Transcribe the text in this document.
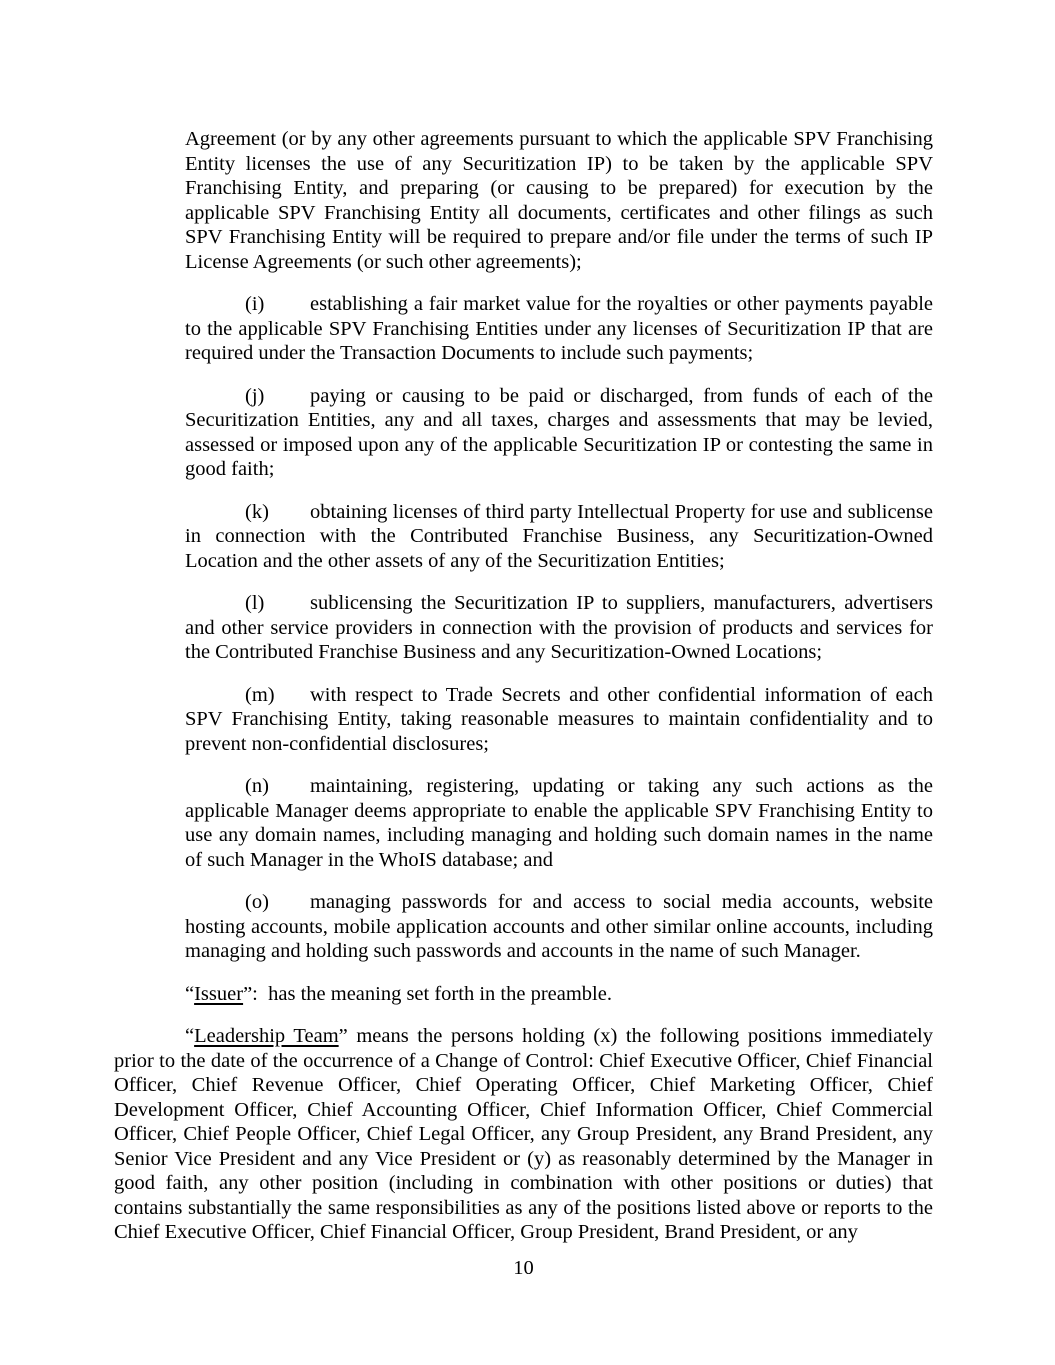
Agreement (or by any other agreements pursuant to which the applicable SPV Franchising Entity licenses the use of any Securitization IP) to be taken by the applicable SPV Franchising Entity, and preparing (or causing to be prepared) for execution by the applicable SPV Franchising Entity all documents, certificates and other filings as such SPV Franchising Entity will be required to prepare and/or file under the terms of such IP License Agreements (or such other agreements);

(i) establishing a fair market value for the royalties or other payments payable to the applicable SPV Franchising Entities under any licenses of Securitization IP that are required under the Transaction Documents to include such payments;

(j) paying or causing to be paid or discharged, from funds of each of the Securitization Entities, any and all taxes, charges and assessments that may be levied, assessed or imposed upon any of the applicable Securitization IP or contesting the same in good faith;

(k) obtaining licenses of third party Intellectual Property for use and sublicense in connection with the Contributed Franchise Business, any Securitization-Owned Location and the other assets of any of the Securitization Entities;

(l) sublicensing the Securitization IP to suppliers, manufacturers, advertisers and other service providers in connection with the provision of products and services for the Contributed Franchise Business and any Securitization-Owned Locations;

(m) with respect to Trade Secrets and other confidential information of each SPV Franchising Entity, taking reasonable measures to maintain confidentiality and to prevent non-confidential disclosures;

(n) maintaining, registering, updating or taking any such actions as the applicable Manager deems appropriate to enable the applicable SPV Franchising Entity to use any domain names, including managing and holding such domain names in the name of such Manager in the WhoIS database; and

(o) managing passwords for and access to social media accounts, website hosting accounts, mobile application accounts and other similar online accounts, including managing and holding such passwords and accounts in the name of such Manager.

“Issuer”:  has the meaning set forth in the preamble.

“Leadership Team” means the persons holding (x) the following positions immediately prior to the date of the occurrence of a Change of Control: Chief Executive Officer, Chief Financial Officer, Chief Revenue Officer, Chief Operating Officer, Chief Marketing Officer, Chief Development Officer, Chief Accounting Officer, Chief Information Officer, Chief Commercial Officer, Chief People Officer, Chief Legal Officer, any Group President, any Brand President, any Senior Vice President and any Vice President or (y) as reasonably determined by the Manager in good faith, any other position (including in combination with other positions or duties) that contains substantially the same responsibilities as any of the positions listed above or reports to the Chief Executive Officer, Chief Financial Officer, Group President, Brand President, or any

10
